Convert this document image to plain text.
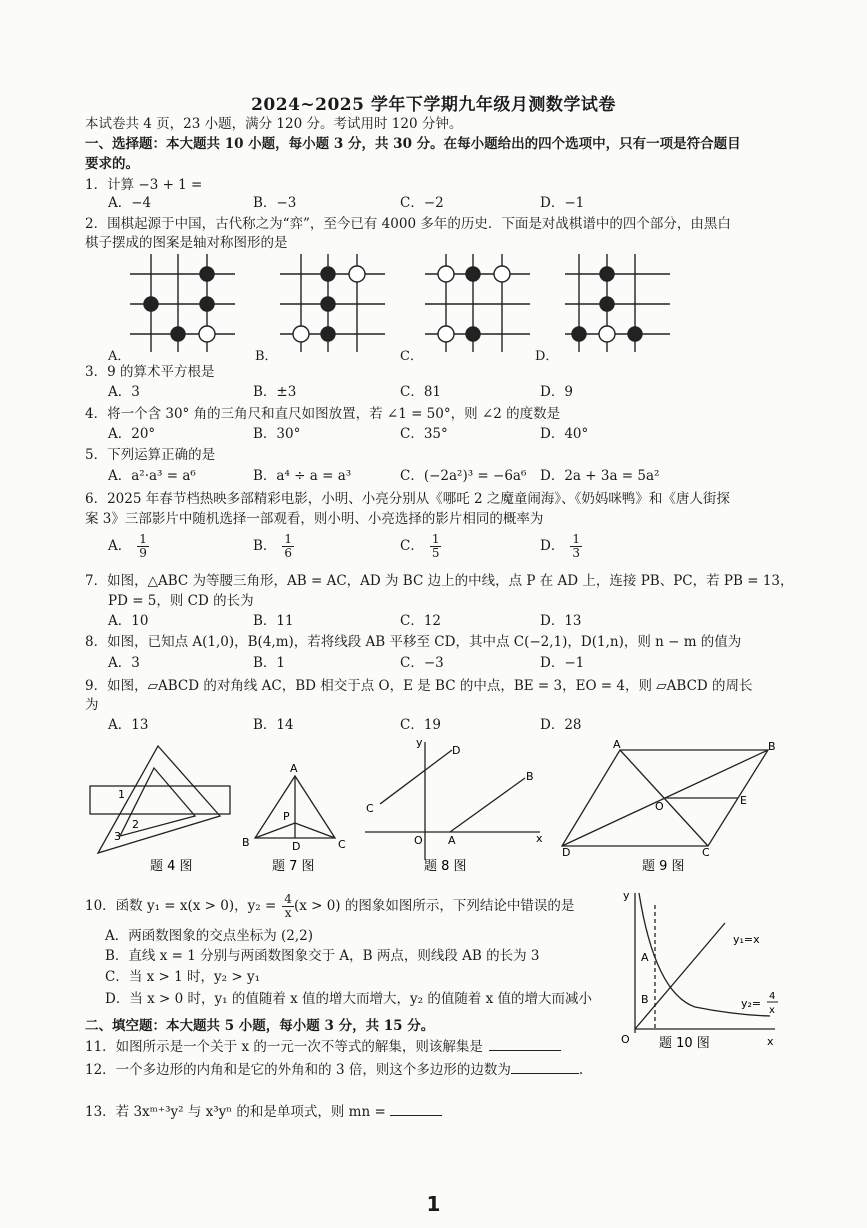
2024~2025 学年下学期九年级月测数学试卷
本试卷共 4 页，23 小题，满分 120 分。考试用时 120 分钟。
一、选择题：本大题共 10 小题，每小题 3 分，共 30 分。在每小题给出的四个选项中，只有一项是符合题目
要求的。
1．计算 −3 + 1 =
A．−4	B．−3	C．−2	D．−1
2．围棋起源于中国，古代称之为“弈”，至今已有 4000 多年的历史．下面是对战棋谱中的四个部分，由黑白
棋子摆成的图案是轴对称图形的是
A．	B．	C．	D．
3．9 的算术平方根是
A．3	B．±3	C．81	D．9
4．将一个含 30° 角的三角尺和直尺如图放置，若 ∠1 = 50°，则 ∠2 的度数是
A．20°	B．30°	C．35°	D．40°
5．下列运算正确的是
A．a²·a³ = a⁶	B．a⁴ ÷ a = a³	C．(−2a²)³ = −6a⁶ D．2a + 3a = 5a²
6．2025 年春节档热映多部精彩电影，小明、小亮分别从《哪吒 2 之魔童闹海》、《奶妈咪鸭》和《唐人街探
案 3》三部影片中随机选择一部观看，则小明、小亮选择的影片相同的概率为
A． $\frac{1}{9}$	B． $\frac{1}{6}$	C． $\frac{1}{5}$	D． $\frac{1}{3}$
7．如图，△ABC 为等腰三角形，AB = AC，AD 为 BC 边上的中线，点 P 在 AD 上，连接 PB、PC，若 PB = 13，
PD = 5，则 CD 的长为
A．10	B．11	C．12	D．13
8．如图，已知点 A(1,0)，B(4,m)，若将线段 AB 平移至 CD，其中点 C(−2,1)，D(1,n)，则 n − m 的值为
A．3	B．1	C．−3	D．−1
9．如图，▱ABCD 的对角线 AC，BD 相交于点 O，E 是 BC 的中点，BE = 3，EO = 4，则 ▱ABCD 的周长
为
A．13	B．14	C．19	D．28
1
2
3
题 4 图
A
P
B	D	C
题 7 图
y
D
B
C
O A	x
题 8 图
A	B
O	E
D	C
题 9 图
10．函数 y₁ = x(x > 0)，$y_2 = \frac{4}{x} (x > 0)$ 的图象如图所示，下列结论中错误的是
A．两函数图象的交点坐标为 (2,2)
B．直线 x = 1 分别与两函数图象交于 A，B 两点，则线段 AB 的长为 3
C．当 x > 1 时，y₂ > y₁
D．当 x > 0 时，y₁ 的值随着 x 值的增大而增大，y₂ 的值随着 x 值的增大而减小
y
A
B
O	x
y₁=x
y₂=
4
x
题 10 图
二、填空题：本大题共 5 小题，每小题 3 分，共 15 分。
11．如图所示是一个关于 x 的一元一次不等式的解集，则该解集是
12．一个多边形的内角和是它的外角和的 3 倍，则这个多边形的边数为	.
13．若 3xᵐ⁺³y² 与 x³yⁿ 的和是单项式，则 mn =
1
